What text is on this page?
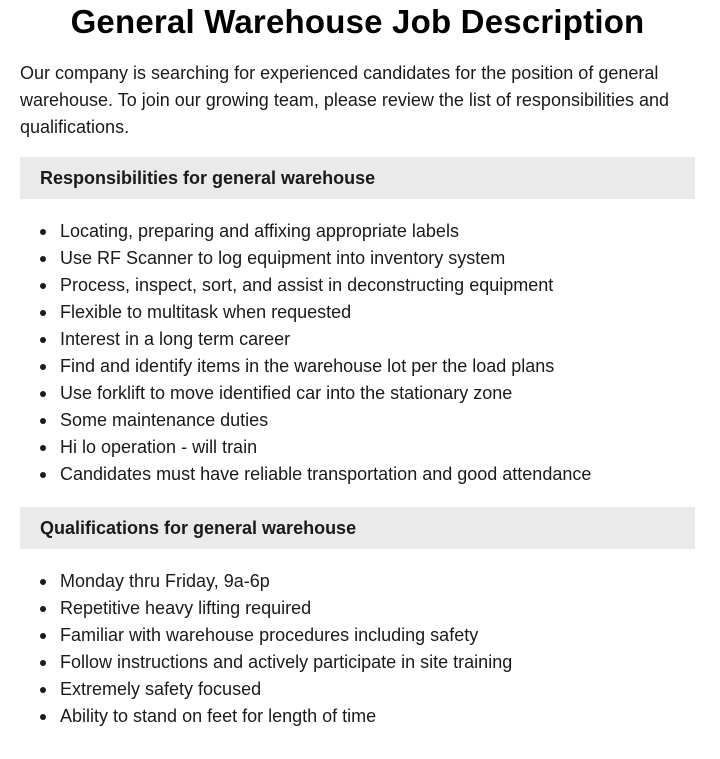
General Warehouse Job Description

Our company is searching for experienced candidates for the position of general warehouse. To join our growing team, please review the list of responsibilities and qualifications.

Responsibilities for general warehouse
Locating, preparing and affixing appropriate labels
Use RF Scanner to log equipment into inventory system
Process, inspect, sort, and assist in deconstructing equipment
Flexible to multitask when requested
Interest in a long term career
Find and identify items in the warehouse lot per the load plans
Use forklift to move identified car into the stationary zone
Some maintenance duties
Hi lo operation - will train
Candidates must have reliable transportation and good attendance
Qualifications for general warehouse
Monday thru Friday, 9a-6p
Repetitive heavy lifting required
Familiar with warehouse procedures including safety
Follow instructions and actively participate in site training
Extremely safety focused
Ability to stand on feet for length of time
